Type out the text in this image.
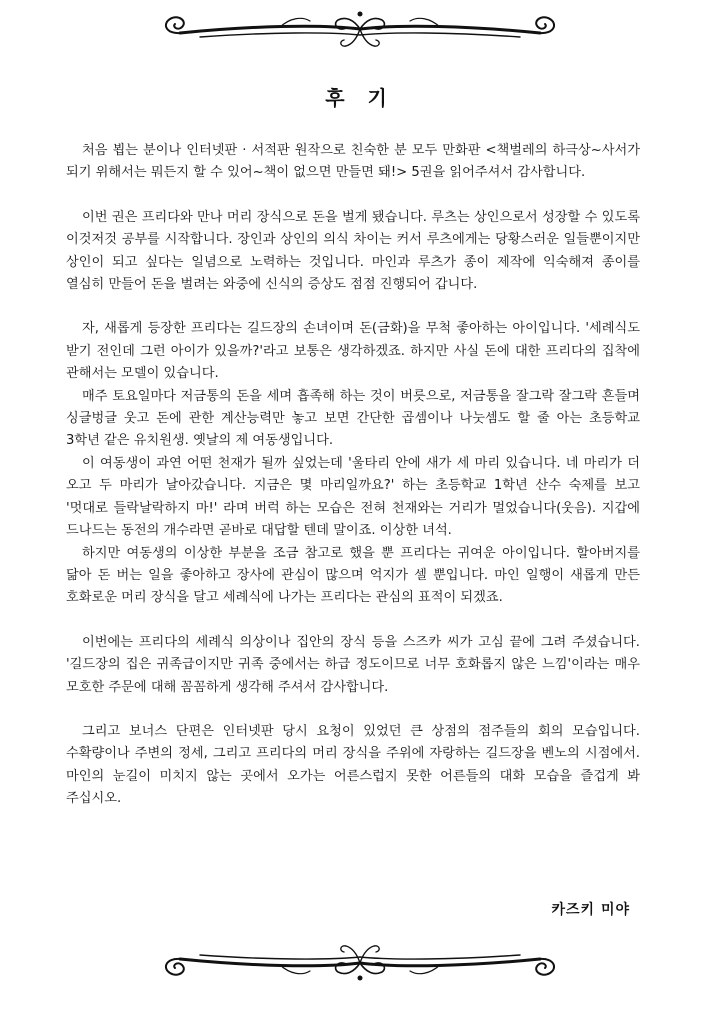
후 기

처음 뵙는 분이나 인터넷판 · 서적판 원작으로 친숙한 분 모두 만화판 <책벌레의 하극상~사서가 되기 위해서는 뭐든지 할 수 있어~책이 없으면 만들면 돼!> 5권을 읽어주셔서 감사합니다.

이번 권은 프리다와 만나 머리 장식으로 돈을 벌게 됐습니다. 루츠는 상인으로서 성장할 수 있도록 이것저것 공부를 시작합니다. 장인과 상인의 의식 차이는 커서 루츠에게는 당황스러운 일들뿐이지만 상인이 되고 싶다는 일념으로 노력하는 것입니다. 마인과 루츠가 종이 제작에 익숙해져 종이를 열심히 만들어 돈을 벌려는 와중에 신식의 증상도 점점 진행되어 갑니다.

자, 새롭게 등장한 프리다는 길드장의 손녀이며 돈(금화)을 무척 좋아하는 아이입니다. '세례식도 받기 전인데 그런 아이가 있을까?'라고 보통은 생각하겠죠. 하지만 사실 돈에 대한 프리다의 집착에 관해서는 모델이 있습니다.

매주 토요일마다 저금통의 돈을 세며 흡족해 하는 것이 버릇으로, 저금통을 잘그락 잘그락 흔들며 싱글벙글 웃고 돈에 관한 계산능력만 놓고 보면 간단한 곱셈이나 나눗셈도 할 줄 아는 초등학교 3학년 같은 유치원생. 옛날의 제 여동생입니다.

이 여동생이 과연 어떤 천재가 될까 싶었는데 '울타리 안에 새가 세 마리 있습니다. 네 마리가 더 오고 두 마리가 날아갔습니다. 지금은 몇 마리일까요?' 하는 초등학교 1학년 산수 숙제를 보고 '멋대로 들락날락하지 마!' 라며 버럭 하는 모습은 전혀 천재와는 거리가 멀었습니다(웃음). 지갑에 드나드는 동전의 개수라면 곧바로 대답할 텐데 말이죠. 이상한 녀석.

하지만 여동생의 이상한 부분을 조금 참고로 했을 뿐 프리다는 귀여운 아이입니다. 할아버지를 닮아 돈 버는 일을 좋아하고 장사에 관심이 많으며 억지가 셀 뿐입니다. 마인 일행이 새롭게 만든 호화로운 머리 장식을 달고 세례식에 나가는 프리다는 관심의 표적이 되겠죠.

이번에는 프리다의 세례식 의상이나 집안의 장식 등을 스즈카 씨가 고심 끝에 그려 주셨습니다. '길드장의 집은 귀족급이지만 귀족 중에서는 하급 정도이므로 너무 호화롭지 않은 느낌'이라는 매우 모호한 주문에 대해 꼼꼼하게 생각해 주셔서 감사합니다.

그리고 보너스 단편은 인터넷판 당시 요청이 있었던 큰 상점의 점주들의 회의 모습입니다. 수확량이나 주변의 정세, 그리고 프리다의 머리 장식을 주위에 자랑하는 길드장을 벤노의 시점에서. 마인의 눈길이 미치지 않는 곳에서 오가는 어른스럽지 못한 어른들의 대화 모습을 즐겁게 봐 주십시오.

카즈키 미야
